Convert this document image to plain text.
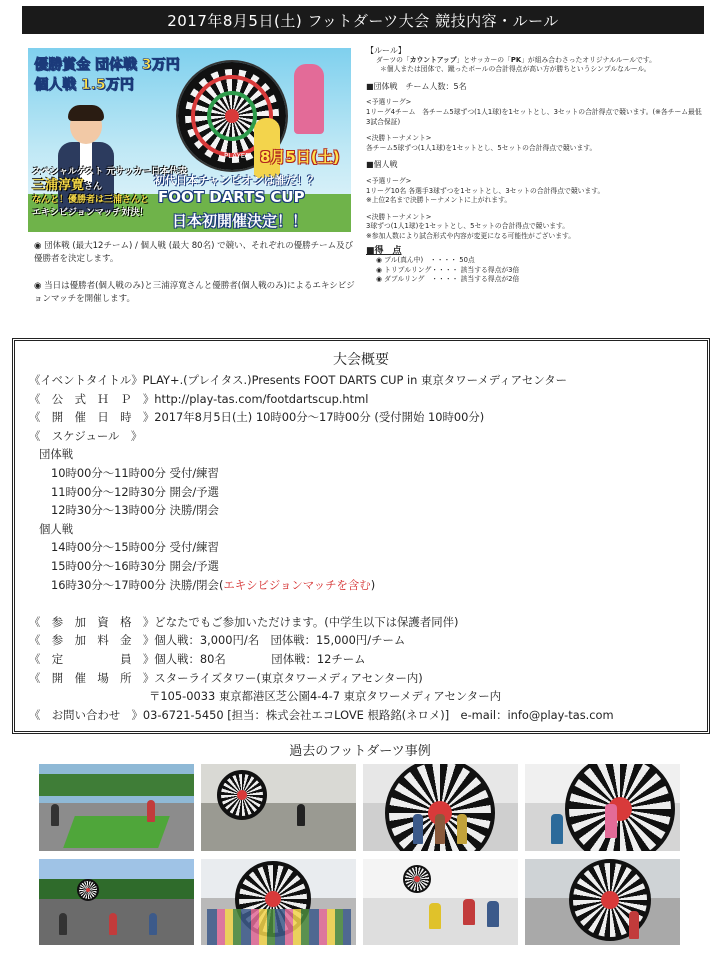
2017年8月5日(土) フットダーツ大会 競技内容・ルール
優勝賞金 団体戦 3万円
個人戦 1.5万円
スペシャルゲスト 元サッカー日本代表
三浦淳寛さん
なんと！優勝者は三浦さんと
エキシビジョンマッチ対決！
PLAYER 8月5日(土)
初代日本チャンピオンは誰だ！？
FOOT DARTS CUP
日本初開催決定！！

◉ 団体戦 (最大12チーム) / 個人戦 (最大 80名) で競い、それぞれの優勝チーム及び優勝者を決定します。

◉ 当日は優勝者(個人戦のみ)と三浦淳寛さんと優勝者(個人戦のみ)によるエキシビジョンマッチを開催します。

【ルール】
ダーツの「カウントアップ」とサッカーの「PK」が組み合わさったオリジナルルールです。
＊個人または団体で、蹴ったボールの合計得点が高い方が勝ちというシンプルなルール。
■団体戦　チーム人数：5名
<予選リーグ>
1リーグ4チーム　各チーム5球ずつ(1人1球)を1セットとし、3セットの合計得点で競います。(※各チーム最低
3試合保証)
<決勝トーナメント>
各チーム5球ずつ(1人1球)を1セットとし、5セットの合計得点で競います。
■個人戦
<予選リーグ>
1リーグ10名 各選手3球ずつを1セットとし、3セットの合計得点で競います。
※上位2名まで決勝トーナメントに上がれます。
<決勝トーナメント>
3球ずつ(1人1球)を1セットとし、5セットの合計得点で競います。
※参加人数により試合形式や内容が変更になる可能性がございます。
■得　点
◉ ブル(真ん中)　・・・・ 50点
◉ トリプルリング・・・・ 該当する得点が3倍
◉ ダブルリング　・・・・ 該当する得点が2倍
大会概要
《イベントタイトル》PLAY+.(プレイタス.)Presents FOOT DARTS CUP in 東京タワーメディアセンター
《　公　式　Ｈ　Ｐ　》http://play-tas.com/footdartscup.html
《　開　催　日　時　》2017年8月5日(土) 10時00分〜17時00分 (受付開始 10時00分)
《　スケジュール　》
団体戦
10時00分〜11時00分 受付/練習
11時00分〜12時30分 開会/予選
12時30分〜13時00分 決勝/閉会
個人戦
14時00分〜15時00分 受付/練習
15時00分〜16時30分 開会/予選
16時30分〜17時00分 決勝/閉会(エキシビジョンマッチを含む)
《　参　加　資　格　》どなたでもご参加いただけます。(中学生以下は保護者同伴)
《　参　加　料　金　》個人戦：3,000円/名　団体戦：15,000円/チーム
《　定　　　　　員　》個人戦：80名　　　　団体戦：12チーム
《　開　催　場　所　》スターライズタワー(東京タワーメディアセンター内)
〒105-0033 東京都港区芝公園4-4-7 東京タワーメディアセンター内
《　お問い合わせ　》03-6721-5450 [担当：株式会社エコLOVE 根路銘(ネロメ)]　e-mail：info@play-tas.com
過去のフットダーツ事例
